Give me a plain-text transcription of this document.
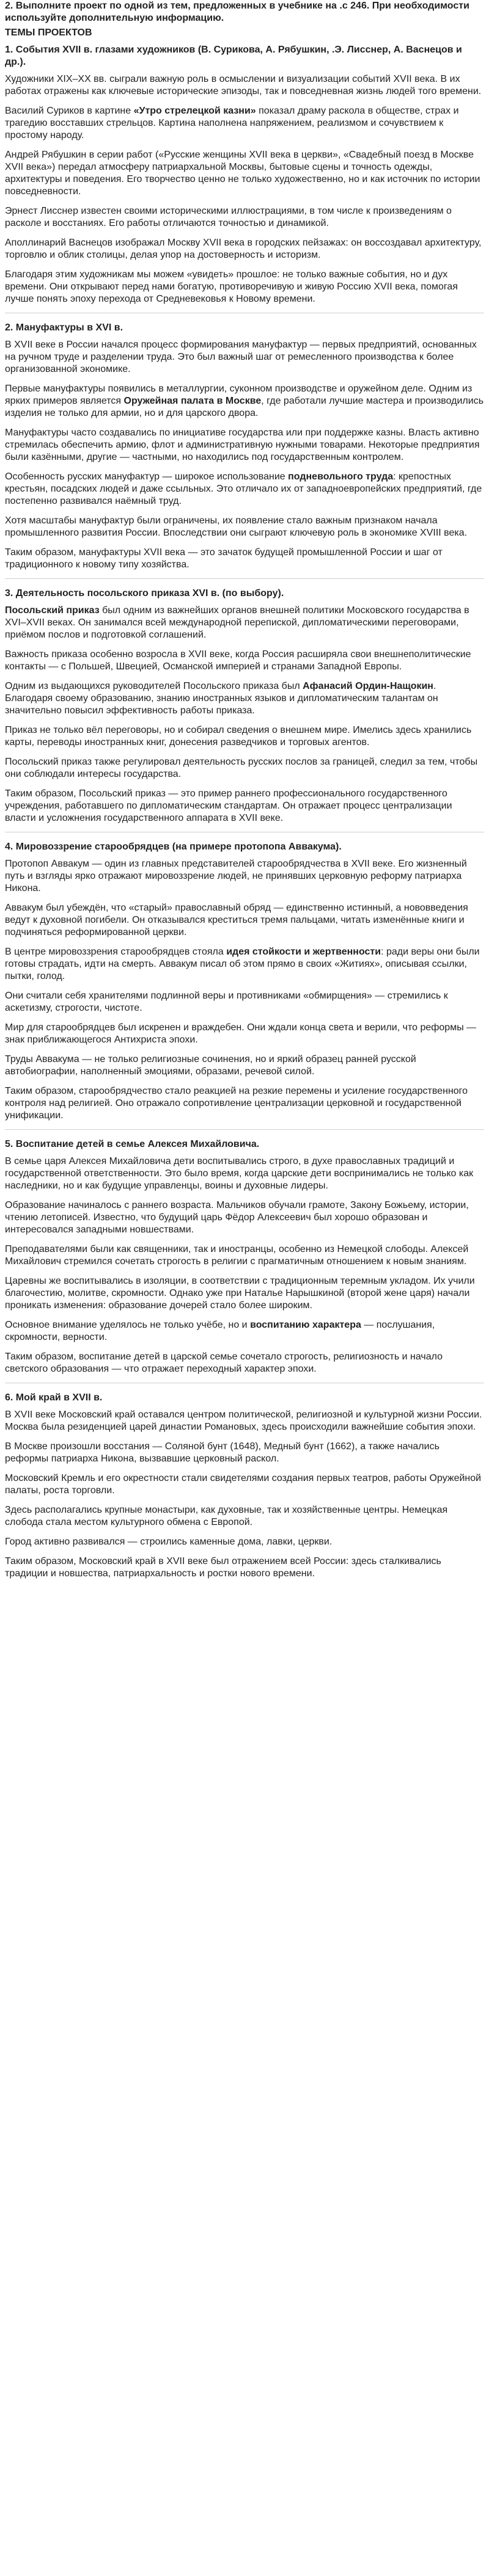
2. Выполните проект по одной из тем, предложенных в учебнике на .с 246. При необходимости используйте дополнительную информацию.
ТЕМЫ ПРОЕКТОВ
1. События XVII в. глазами художников (В. Сурикова, А. Рябушкин, .Э. Лисснер, А. Васнецов и др.).
Художники XIX–XX вв. сыграли важную роль в осмыслении и визуализации событий XVII века. В их работах отражены как ключевые исторические эпизоды, так и повседневная жизнь людей того времени.
Василий Суриков в картине «Утро стрелецкой казни» показал драму раскола в обществе, страх и трагедию восставших стрельцов. Картина наполнена напряжением, реализмом и сочувствием к простому народу.
Андрей Рябушкин в серии работ («Русские женщины XVII века в церкви», «Свадебный поезд в Москве XVII века») передал атмосферу патриархальной Москвы, бытовые сцены и точность одежды, архитектуры и поведения. Его творчество ценно не только художественно, но и как источник по истории повседневности.
Эрнест Лисснер известен своими историческими иллюстрациями, в том числе к произведениям о расколе и восстаниях. Его работы отличаются точностью и динамикой.
Аполлинарий Васнецов изображал Москву XVII века в городских пейзажах: он воссоздавал архитектуру, торговлю и облик столицы, делая упор на достоверность и историзм.
Благодаря этим художникам мы можем «увидеть» прошлое: не только важные события, но и дух времени. Они открывают перед нами богатую, противоречивую и живую Россию XVII века, помогая лучше понять эпоху перехода от Средневековья к Новому времени.
2. Мануфактуры в XVI в.
В XVII веке в России начался процесс формирования мануфактур — первых предприятий, основанных на ручном труде и разделении труда. Это был важный шаг от ремесленного производства к более организованной экономике.
Первые мануфактуры появились в металлургии, суконном производстве и оружейном деле. Одним из ярких примеров является Оружейная палата в Москве, где работали лучшие мастера и производились изделия не только для армии, но и для царского двора.
Мануфактуры часто создавались по инициативе государства или при поддержке казны. Власть активно стремилась обеспечить армию, флот и административную нужными товарами. Некоторые предприятия были казёнными, другие — частными, но находились под государственным контролем.
Особенность русских мануфактур — широкое использование подневольного труда: крепостных крестьян, посадских людей и даже ссыльных. Это отличало их от западноевропейских предприятий, где постепенно развивался наёмный труд.
Хотя масштабы мануфактур были ограничены, их появление стало важным признаком начала промышленного развития России. Впоследствии они сыграют ключевую роль в экономике XVIII века.
Таким образом, мануфактуры XVII века — это зачаток будущей промышленной России и шаг от традиционного к новому типу хозяйства.
3. Деятельность посольского приказа XVI в. (по выбору).
Посольский приказ был одним из важнейших органов внешней политики Московского государства в XVI–XVII веках. Он занимался всей международной перепиской, дипломатическими переговорами, приёмом послов и подготовкой соглашений.
Важность приказа особенно возросла в XVII веке, когда Россия расширяла свои внешнеполитические контакты — с Польшей, Швецией, Османской империей и странами Западной Европы.
Одним из выдающихся руководителей Посольского приказа был Афанасий Ордин-Нащокин. Благодаря своему образованию, знанию иностранных языков и дипломатическим талантам он значительно повысил эффективность работы приказа.
Приказ не только вёл переговоры, но и собирал сведения о внешнем мире. Имелись здесь хранились карты, переводы иностранных книг, донесения разведчиков и торговых агентов.
Посольский приказ также регулировал деятельность русских послов за границей, следил за тем, чтобы они соблюдали интересы государства.
Таким образом, Посольский приказ — это пример раннего профессионального государственного учреждения, работавшего по дипломатическим стандартам. Он отражает процесс централизации власти и усложнения государственного аппарата в XVII веке.
4. Мировоззрение старообрядцев (на примере протопопа Аввакума).
Протопоп Аввакум — один из главных представителей старообрядчества в XVII веке. Его жизненный путь и взгляды ярко отражают мировоззрение людей, не принявших церковную реформу патриарха Никона.
Аввакум был убеждён, что «старый» православный обряд — единственно истинный, а нововведения ведут к духовной погибели. Он отказывался креститься тремя пальцами, читать изменённые книги и подчиняться реформированной церкви.
В центре мировоззрения старообрядцев стояла идея стойкости и жертвенности: ради веры они были готовы страдать, идти на смерть. Аввакум писал об этом прямо в своих «Житиях», описывая ссылки, пытки, голод.
Они считали себя хранителями подлинной веры и противниками «обмирщения» — стремились к аскетизму, строгости, чистоте.
Мир для старообрядцев был искренен и враждебен. Они ждали конца света и верили, что реформы — знак приближающегося Антихриста эпохи.
Труды Аввакума — не только религиозные сочинения, но и яркий образец ранней русской автобиографии, наполненный эмоциями, образами, речевой силой.
Таким образом, старообрядчество стало реакцией на резкие перемены и усиление государственного контроля над религией. Оно отражало сопротивление централизации церковной и государственной унификации.
5. Воспитание детей в семье Алексея Михайловича.
В семье царя Алексея Михайловича дети воспитывались строго, в духе православных традиций и государственной ответственности. Это было время, когда царские дети воспринимались не только как наследники, но и как будущие управленцы, воины и духовные лидеры.
Образование начиналось с раннего возраста. Мальчиков обучали грамоте, Закону Божьему, истории, чтению летописей. Известно, что будущий царь Фёдор Алексеевич был хорошо образован и интересовался западными новшествами.
Преподавателями были как священники, так и иностранцы, особенно из Немецкой слободы. Алексей Михайлович стремился сочетать строгость в религии с прагматичным отношением к новым знаниям.
Царевны же воспитывались в изоляции, в соответствии с традиционным теремным укладом. Их учили благочестию, молитве, скромности. Однако уже при Наталье Нарышкиной (второй жене царя) начали проникать изменения: образование дочерей стало более широким.
Основное внимание уделялось не только учёбе, но и воспитанию характера — послушания, скромности, верности.
Таким образом, воспитание детей в царской семье сочетало строгость, религиозность и начало светского образования — что отражает переходный характер эпохи.
6. Мой край в XVII в.
В XVII веке Московский край оставался центром политической, религиозной и культурной жизни России. Москва была резиденцией царей династии Романовых, здесь происходили важнейшие события эпохи.
В Москве произошли восстания — Соляной бунт (1648), Медный бунт (1662), а также начались реформы патриарха Никона, вызвавшие церковный раскол.
Московский Кремль и его окрестности стали свидетелями создания первых театров, работы Оружейной палаты, роста торговли.
Здесь располагались крупные монастыри, как духовные, так и хозяйственные центры. Немецкая слобода стала местом культурного обмена с Европой.
Город активно развивался — строились каменные дома, лавки, церкви.
Таким образом, Московский край в XVII веке был отражением всей России: здесь сталкивались традиции и новшества, патриархальность и ростки нового времени.
